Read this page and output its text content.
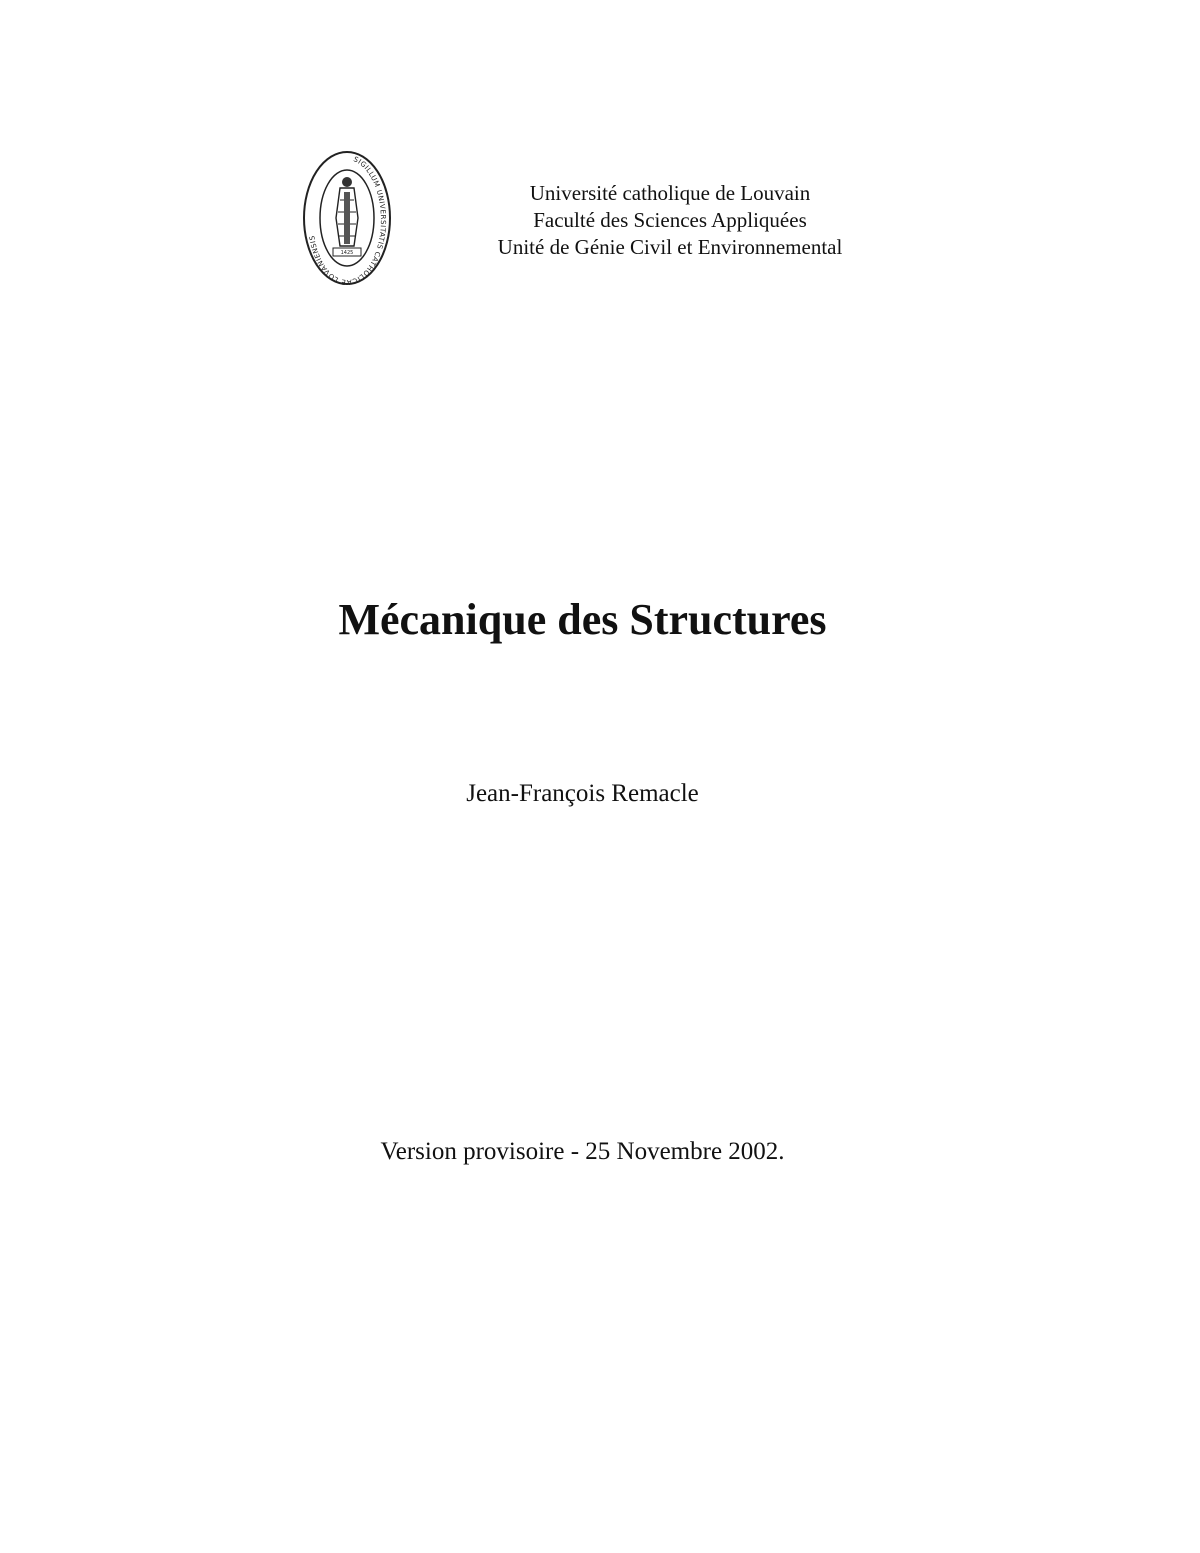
SIGILLUM UNIVERSITATIS CATHOLICAE LOVANIENSIS
1425
Université catholique de Louvain
Faculté des Sciences Appliquées
Unité de Génie Civil et Environnemental
Mécanique des Structures
Jean-François Remacle
Version provisoire - 25 Novembre 2002.
